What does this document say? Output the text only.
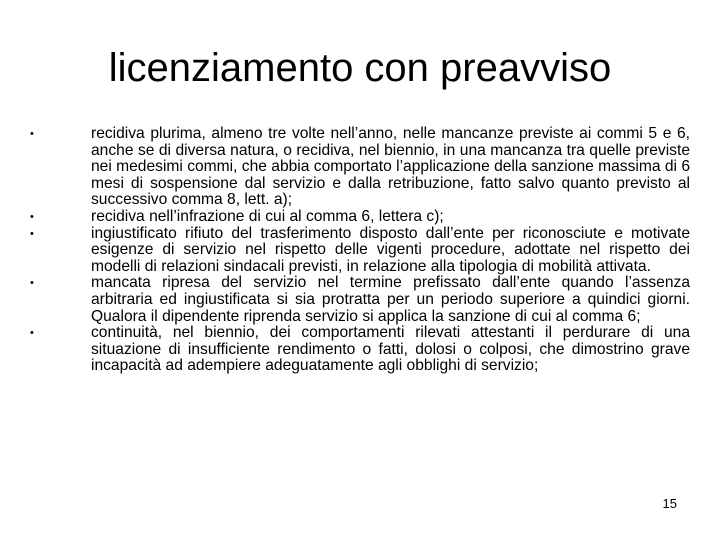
licenziamento con preavviso
•	recidiva plurima, almeno tre volte nell’anno, nelle mancanze previste ai commi 5 e 6, anche se di diversa natura, o recidiva, nel biennio, in una mancanza tra quelle previste nei medesimi commi, che abbia comportato l’applicazione della sanzione massima di 6 mesi di sospensione dal servizio e dalla retribuzione, fatto salvo quanto previsto al successivo comma 8, lett. a);
•	recidiva nell’infrazione di cui al comma 6, lettera c);
•	ingiustificato rifiuto del trasferimento disposto dall’ente per riconosciute e motivate esigenze di servizio nel rispetto delle vigenti procedure, adottate nel rispetto dei modelli di relazioni sindacali previsti, in relazione alla tipologia di mobilità attivata.
•	mancata ripresa del servizio nel termine prefissato dall’ente quando l’assenza arbitraria ed ingiustificata si sia protratta per un periodo superiore a quindici giorni. Qualora il dipendente riprenda servizio si applica la sanzione di cui al comma 6;
•	continuità, nel biennio, dei comportamenti rilevati attestanti il perdurare di una situazione di insufficiente rendimento o fatti, dolosi o colposi, che dimostrino grave incapacità ad adempiere adeguatamente agli obblighi di servizio;
15
